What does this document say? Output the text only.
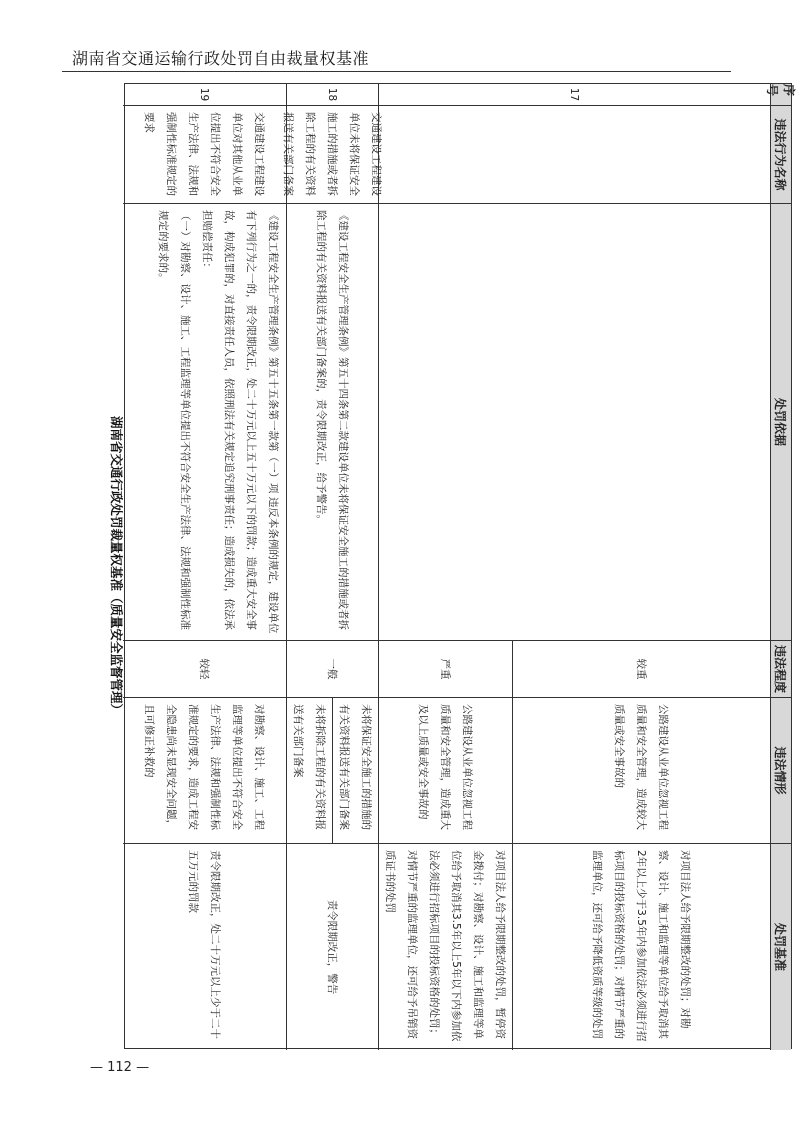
湖南省交通运输行政处罚自由裁量权基准
湖南省交通行政处罚裁量权基准（质量安全监督管理）
序号
违法行为名称
处罚依据
违法程度
违法情形
处罚基准
17
较重
公路建设从业单位忽视工程质量和安全管理，造成较大质量或安全事故的
对项目法人给予限期整改的处罚；对勘察、设计、施工和监理等单位给予取消其2年以上少于3.5年内参加依法必须进行招标项目的投标资格的处罚；对情节严重的监理单位，还可给予降低资质等级的处罚
严重
公路建设从业单位忽视工程质量和安全管理，造成重大及以上质量或安全事故的
对项目法人给予限期整改的处罚，暂停资金拨付；对勘察、设计、施工和监理等单位给予取消其3.5年以上5年以下内参加依法必须进行招标项目的投标资格的处罚；对情节严重的监理单位，还可给予吊销资质证书的处罚
18
交通建设工程建设单位未将保证安全施工的措施或者拆除工程的有关资料报送有关部门备案
《建设工程安全生产管理条例》第五十四条第二款建设单位未将保证安全施工的措施或者拆除工程的有关资料报送有关部门备案的，责令限期改正，给予警告。
一般
未将保证安全施工的措施的有关资料报送有关部门备案
未将拆除工程的有关资料报送有关部门备案
责令限期改正，警告
19
交通建设工程建设单位对其他从业单位提出不符合安全生产法律、法规和强制性标准规定的要求
《建设工程安全生产管理条例》第五十五条第一款第（一）项 违反本条例的规定，建设单位有下列行为之一的，责令限期改正，处二十万元以上五十万元以下的罚款；造成重大安全事故，构成犯罪的，对直接责任人员，依照刑法有关规定追究刑事责任；造成损失的，依法承担赔偿责任：
（一）对勘察、设计、施工、工程监理等单位提出不符合安全生产法律、法规和强制性标准规定的要求的。
较轻
对勘察、设计、施工、工程监理等单位提出不符合安全生产法律、法规和强制性标准规定的要求，造成工程安全隐患尚未显现安全问题，且可修正补救的
责令限期改正，处二十万元以上少于二十五万元的罚款
— 112 —
